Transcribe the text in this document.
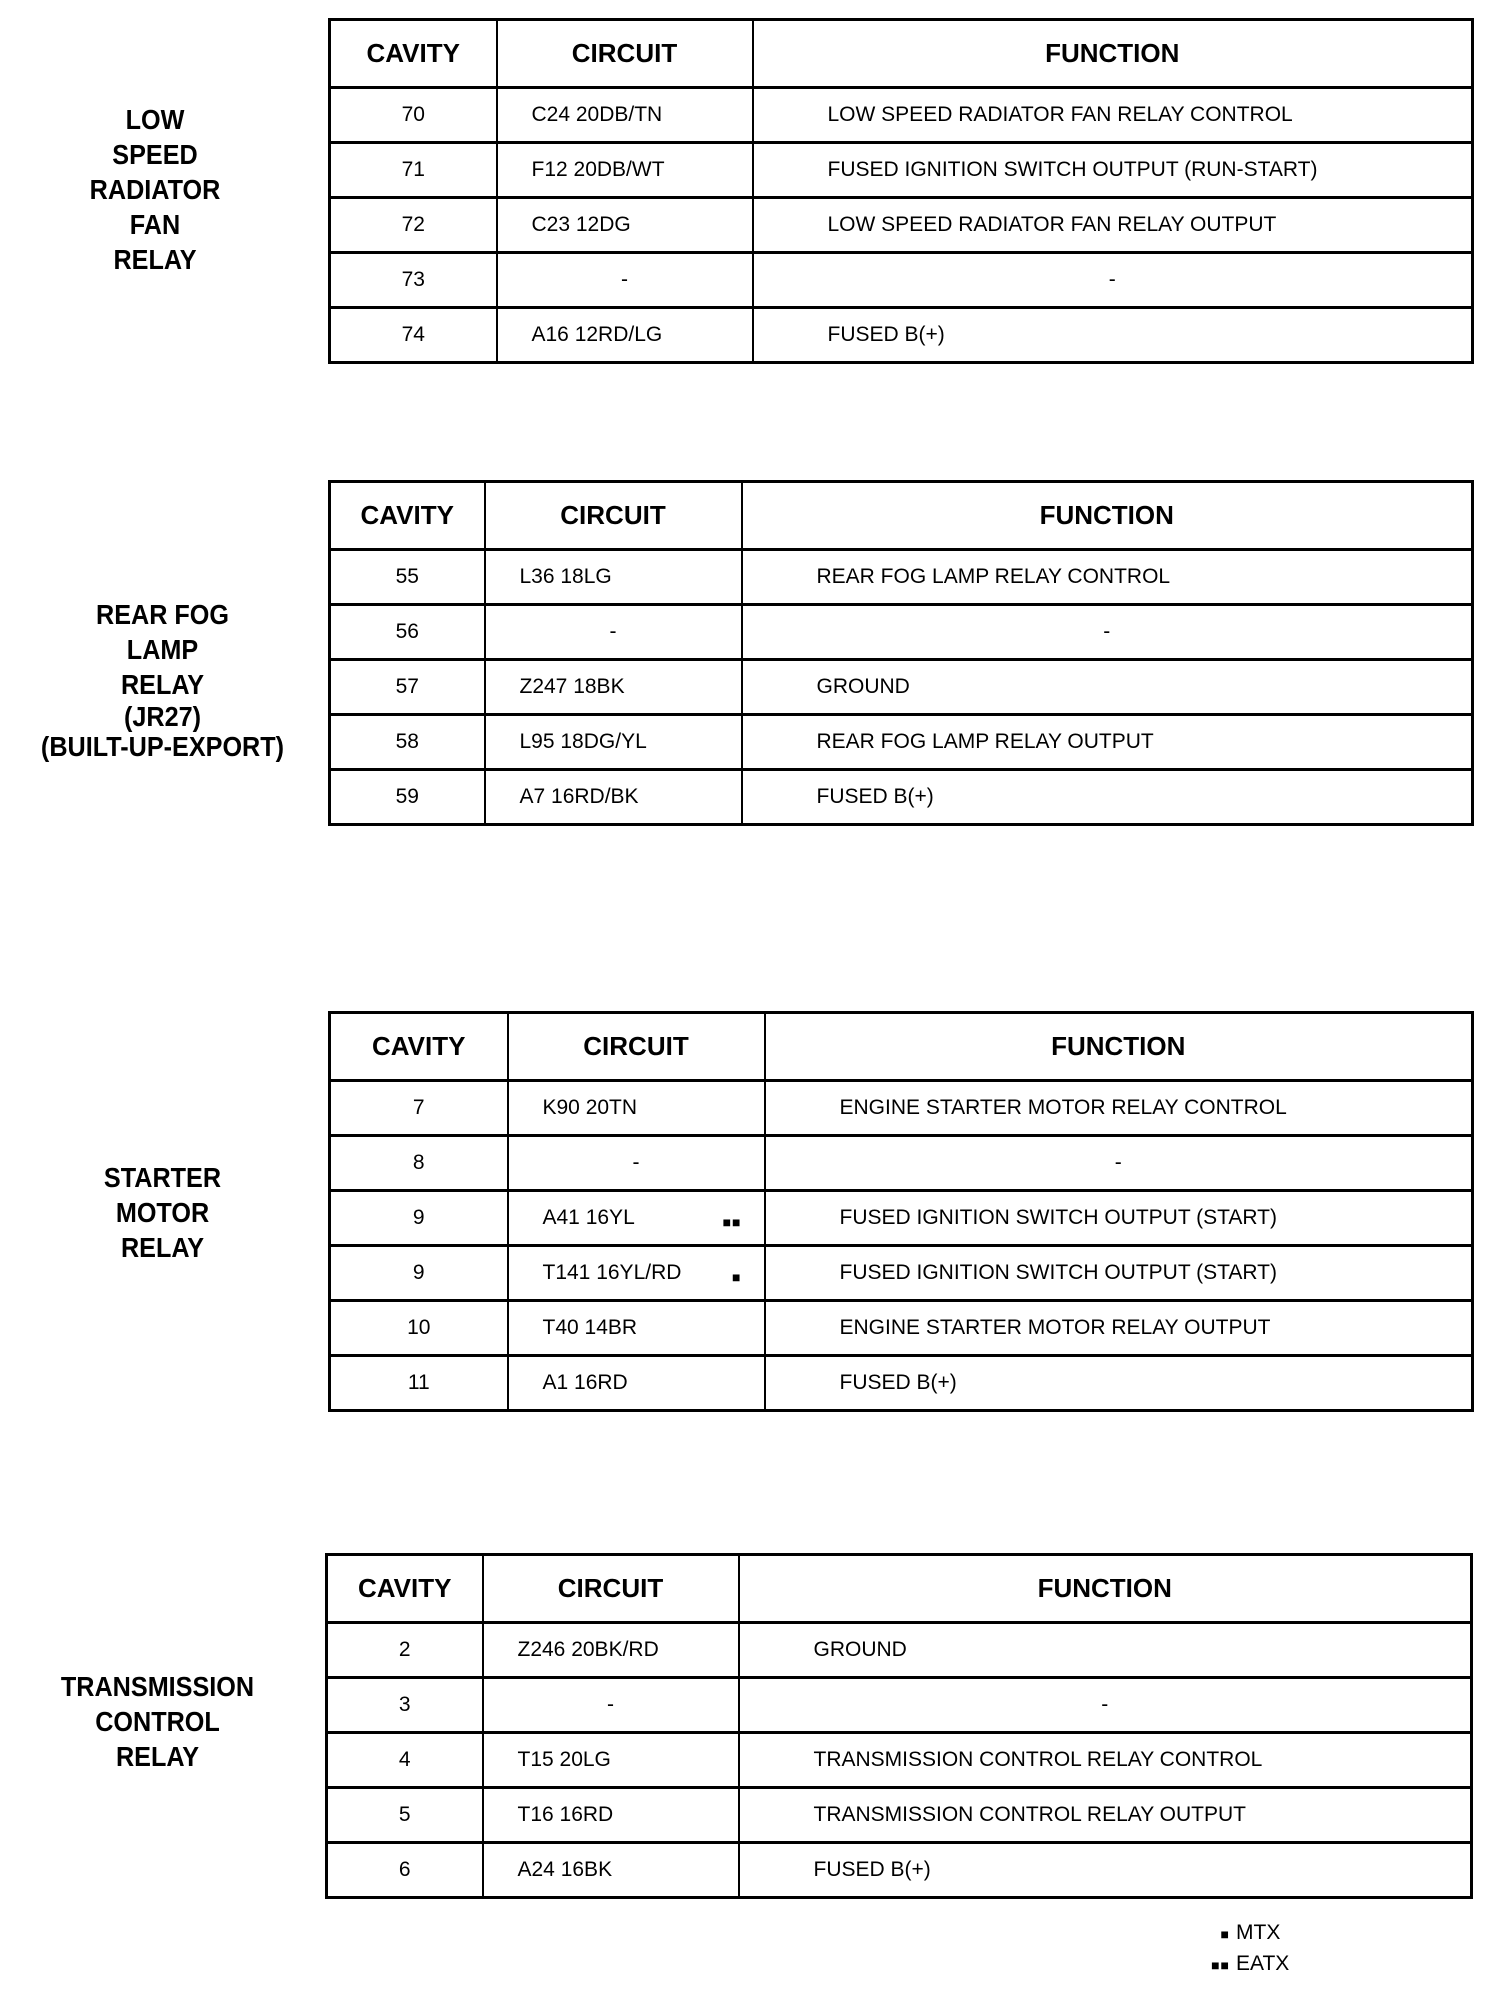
LOW
SPEED
RADIATOR
FAN
RELAY
CAVITY	CIRCUIT	FUNCTION
70	C24 20DB/TN	LOW SPEED RADIATOR FAN RELAY CONTROL
71	F12 20DB/WT	FUSED IGNITION SWITCH OUTPUT (RUN-START)
72	C23 12DG	LOW SPEED RADIATOR FAN RELAY OUTPUT
73	-	-
74	A16 12RD/LG	FUSED B(+)
REAR FOG
LAMP
RELAY
(JR27)
(BUILT-UP-EXPORT)
CAVITY	CIRCUIT	FUNCTION
55	L36 18LG	REAR FOG LAMP RELAY CONTROL
56	-	-
57	Z247 18BK	GROUND
58	L95 18DG/YL	REAR FOG LAMP RELAY OUTPUT
59	A7 16RD/BK	FUSED B(+)
STARTER
MOTOR
RELAY
CAVITY	CIRCUIT	FUNCTION
7	K90 20TN	ENGINE STARTER MOTOR RELAY CONTROL
8	-	-
9	A41 16YL ■■	FUSED IGNITION SWITCH OUTPUT (START)
9	T141 16YL/RD ■	FUSED IGNITION SWITCH OUTPUT (START)
10	T40 14BR	ENGINE STARTER MOTOR RELAY OUTPUT
11	A1 16RD	FUSED B(+)
TRANSMISSION
CONTROL
RELAY
CAVITY	CIRCUIT	FUNCTION
2	Z246 20BK/RD	GROUND
3	-	-
4	T15 20LG	TRANSMISSION CONTROL RELAY CONTROL
5	T16 16RD	TRANSMISSION CONTROL RELAY OUTPUT
6	A24 16BK	FUSED B(+)
■ MTX
■■ EATX
